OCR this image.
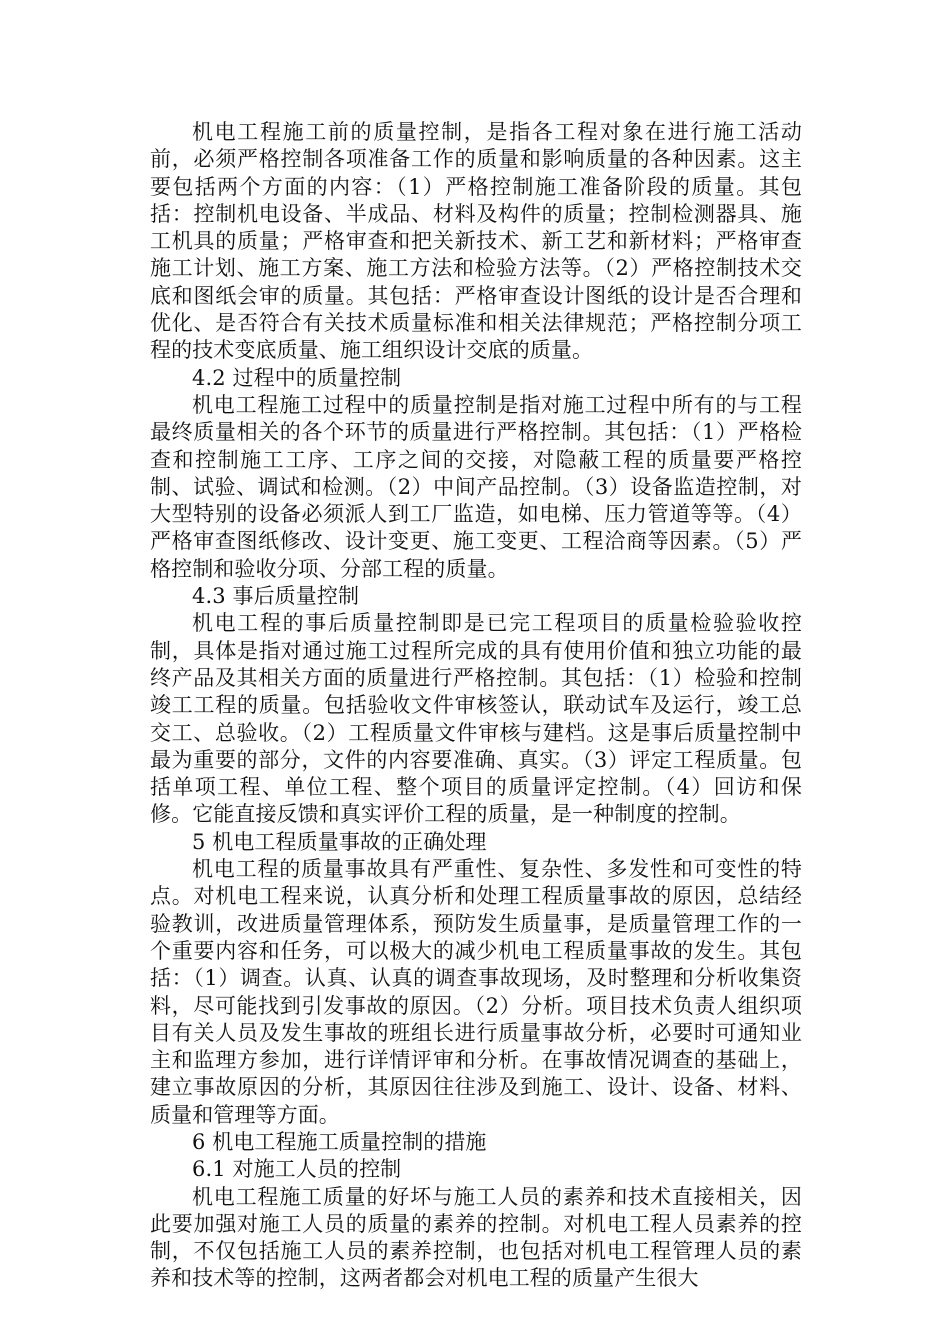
机电工程施工前的质量控制，是指各工程对象在进行施工活动前，必须严格控制各项准备工作的质量和影响质量的各种因素。这主要包括两个方面的内容：（1）严格控制施工准备阶段的质量。其包括：控制机电设备、半成品、材料及构件的质量；控制检测器具、施工机具的质量；严格审查和把关新技术、新工艺和新材料；严格审查施工计划、施工方案、施工方法和检验方法等。（2）严格控制技术交底和图纸会审的质量。其包括：严格审查设计图纸的设计是否合理和优化、是否符合有关技术质量标准和相关法律规范；严格控制分项工程的技术变底质量、施工组织设计交底的质量。

4.2 过程中的质量控制

机电工程施工过程中的质量控制是指对施工过程中所有的与工程最终质量相关的各个环节的质量进行严格控制。其包括：（1）严格检查和控制施工工序、工序之间的交接，对隐蔽工程的质量要严格控制、试验、调试和检测。（2）中间产品控制。（3）设备监造控制，对大型特别的设备必须派人到工厂监造，如电梯、压力管道等等。（4）严格审查图纸修改、设计变更、施工变更、工程洽商等因素。（5）严格控制和验收分项、分部工程的质量。

4.3 事后质量控制

机电工程的事后质量控制即是已完工程项目的质量检验验收控制，具体是指对通过施工过程所完成的具有使用价值和独立功能的最终产品及其相关方面的质量进行严格控制。其包括：（1）检验和控制竣工工程的质量。包括验收文件审核签认，联动试车及运行，竣工总交工、总验收。（2）工程质量文件审核与建档。这是事后质量控制中最为重要的部分，文件的内容要准确、真实。（3）评定工程质量。包括单项工程、单位工程、整个项目的质量评定控制。（4）回访和保修。它能直接反馈和真实评价工程的质量，是一种制度的控制。

5 机电工程质量事故的正确处理

机电工程的质量事故具有严重性、复杂性、多发性和可变性的特点。对机电工程来说，认真分析和处理工程质量事故的原因，总结经验教训，改进质量管理体系，预防发生质量事，是质量管理工作的一个重要内容和任务，可以极大的减少机电工程质量事故的发生。其包括：（1）调查。认真、认真的调查事故现场，及时整理和分析收集资料，尽可能找到引发事故的原因。（2）分析。项目技术负责人组织项目有关人员及发生事故的班组长进行质量事故分析，必要时可通知业主和监理方参加，进行详情评审和分析。在事故情况调查的基础上，建立事故原因的分析，其原因往往涉及到施工、设计、设备、材料、质量和管理等方面。

6 机电工程施工质量控制的措施

6.1 对施工人员的控制

机电工程施工质量的好坏与施工人员的素养和技术直接相关，因此要加强对施工人员的质量的素养的控制。对机电工程人员素养的控制，不仅包括施工人员的素养控制，也包括对机电工程管理人员的素养和技术等的控制，这两者都会对机电工程的质量产生很大
